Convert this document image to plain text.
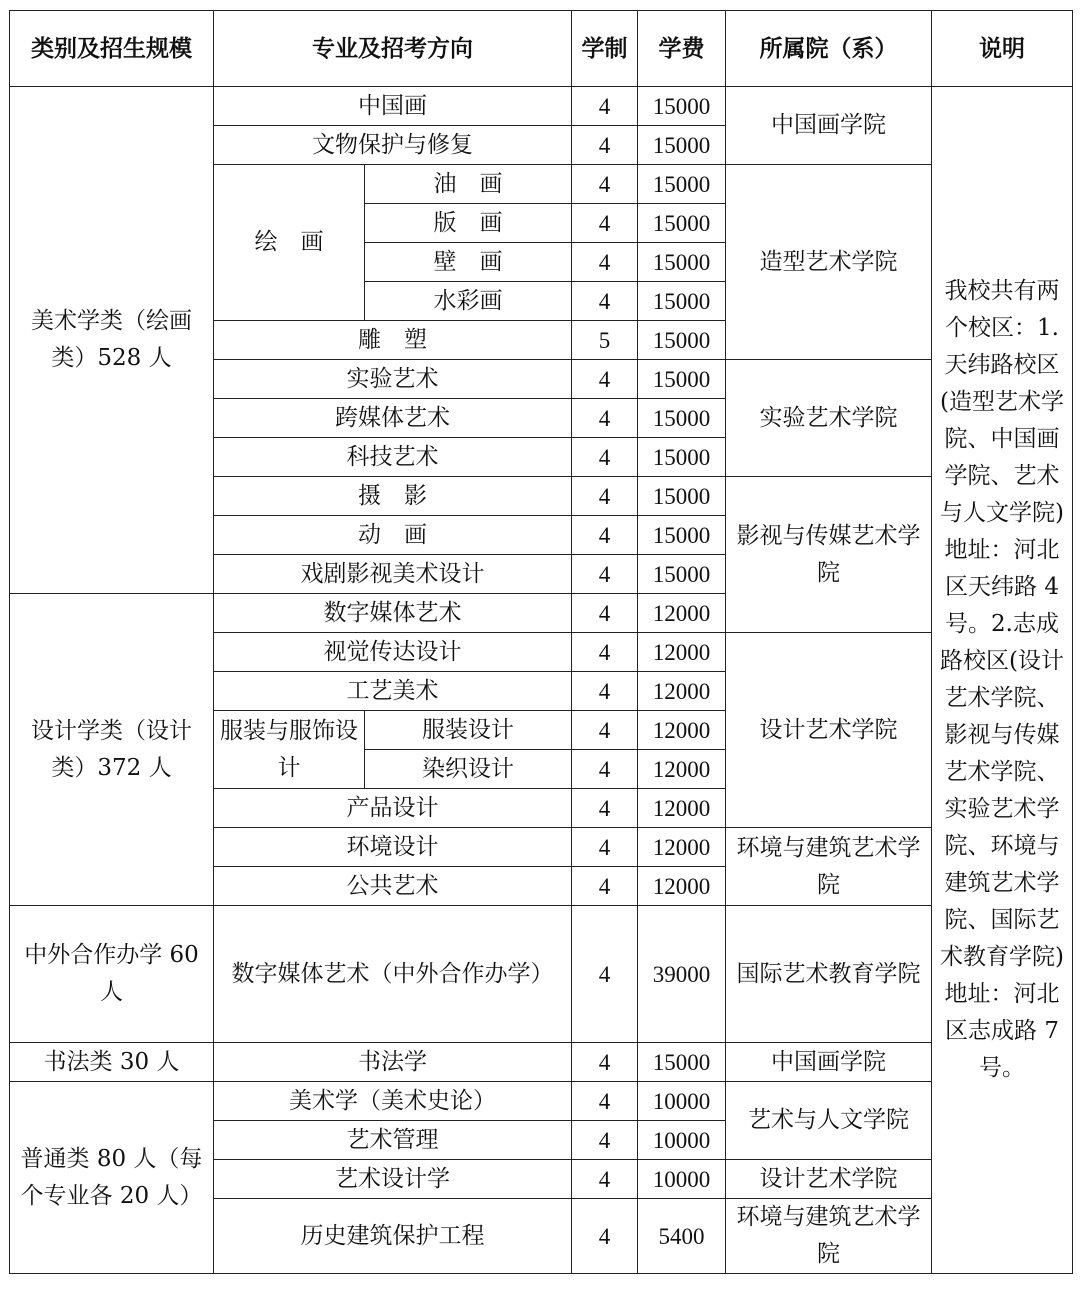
类别及招生规模	专业及招考方向		学制	学费	所属院（系）	说明
美术学类（绘画类）528 人	中国画		4	15000	中国画学院	我校共有两个校区：1.天纬路校区(造型艺术学院、中国画学院、艺术与人文学院)地址：河北区天纬路 4 号。2.志成路校区(设计艺术学院、影视与传媒艺术学院、实验艺术学院、环境与建筑艺术学院、国际艺术教育学院)地址：河北区志成路 7 号。
	文物保护与修复		4	15000		
	绘　画	油　画	4	15000	造型艺术学院	
		版　画	4	15000		
		壁　画	4	15000		
		水彩画	4	15000		
	雕　塑		5	15000		
	实验艺术		4	15000	实验艺术学院	
	跨媒体艺术		4	15000		
	科技艺术		4	15000		
	摄　影		4	15000	影视与传媒艺术学院	
	动　画		4	15000		
	戏剧影视美术设计		4	15000		
设计学类（设计类）372 人	数字媒体艺术		4	12000		
	视觉传达设计		4	12000	设计艺术学院	
	工艺美术		4	12000		
	服装与服饰设计	服装设计	4	12000		
		染织设计	4	12000		
	产品设计		4	12000		
	环境设计		4	12000	环境与建筑艺术学院	
	公共艺术		4	12000		
中外合作办学 60 人	数字媒体艺术（中外合作办学）		4	39000	国际艺术教育学院	
书法类 30 人	书法学		4	15000	中国画学院	
普通类 80 人（每个专业各 20 人）	美术学（美术史论）		4	10000	艺术与人文学院	
	艺术管理		4	10000		
	艺术设计学		4	10000	设计艺术学院	
	历史建筑保护工程		4	5400	环境与建筑艺术学院	
